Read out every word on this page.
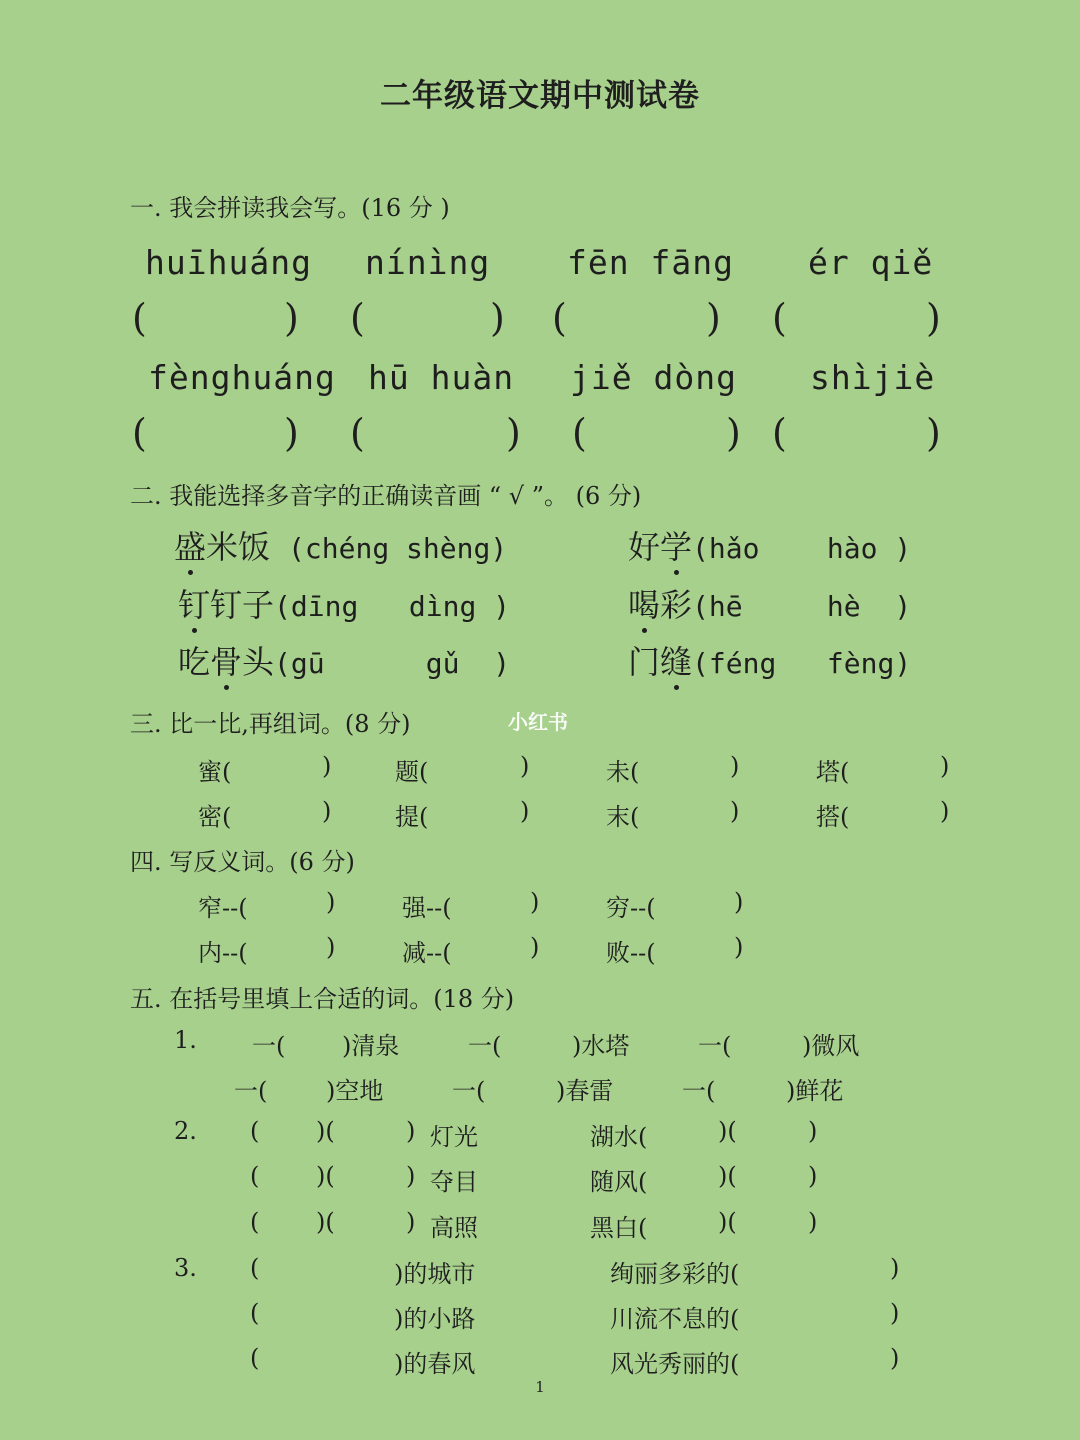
二年级语文期中测试卷
一. 我会拼读我会写。(16 分 )
huīhuáng nínìng fēn fāng ér qiě
(	) (	) (	) (	)
fènghuáng hū huàn jiě dòng shìjiè
(	) (	) (	) (	)
二. 我能选择多音字的正确读音画 “ √ ”。 (6 分)
盛米饭 (chéng shèng)	好学(hǎo    hào )
钉钉子(dīng   dìng )	喝彩(hē     hè  )
吃骨头(gū      gǔ  )	门缝(féng   fèng)
三. 比一比,再组词。(8 分)	小红书
蜜(	)	题(	)	未(	)	塔(	)
密(	)	提(	)	末(	)	搭(	)
四. 写反义词。(6 分)
窄--(	)	强--(	)	穷--(	)
内--(	)	减--(	)	败--(	)
五. 在括号里填上合适的词。(18 分)
1. 一( )清泉	一(	)水塔	一(	)微风
一( )空地	一(	)春雷	一(	)鲜花
2. ( )(	) 灯光	湖水(	)(	)
( )(	) 夺目	随风(	)(	)
( )(	) 高照	黑白(	)(	)
3. (	)的城市	绚丽多彩的(	)
(	)的小路	川流不息的(	)
(	)的春风	风光秀丽的(	)
1
